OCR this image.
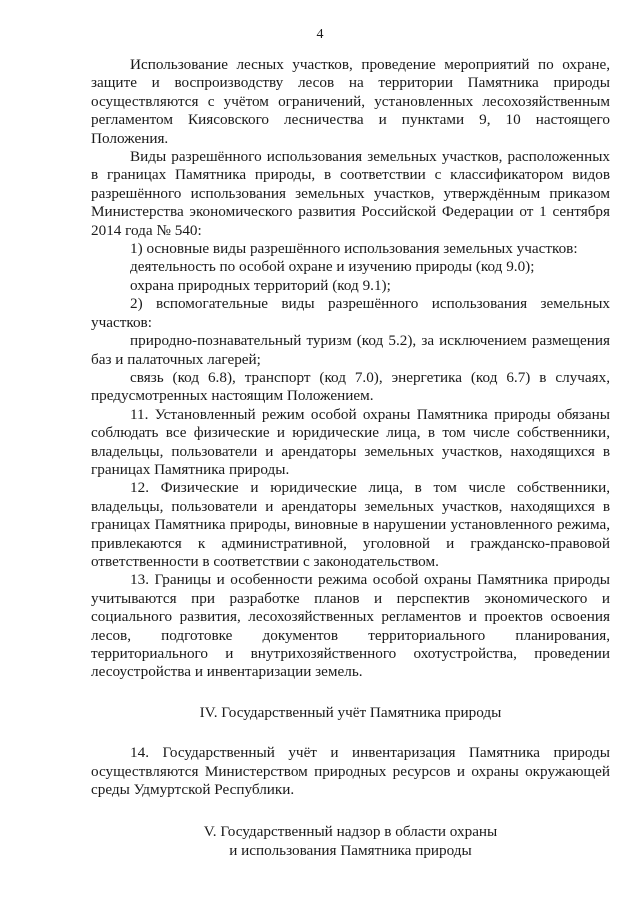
4

Использование лесных участков, проведение мероприятий по охране, защите и воспроизводству лесов на территории Памятника природы осуществляются с учётом ограничений, установленных лесохозяйственным регламентом Киясовского лесничества и пунктами 9, 10 настоящего Положения.

Виды разрешённого использования земельных участков, расположенных в границах Памятника природы, в соответствии с классификатором видов разрешённого использования земельных участков, утверждённым приказом Министерства экономического развития Российской Федерации от 1 сентября 2014 года № 540:

1) основные виды разрешённого использования земельных участков:

деятельность по особой охране и изучению природы (код 9.0);

охрана природных территорий (код 9.1);

2) вспомогательные виды разрешённого использования земельных участков:

природно-познавательный туризм (код 5.2), за исключением размещения баз и палаточных лагерей;

связь (код 6.8), транспорт (код 7.0), энергетика (код 6.7) в случаях, предусмотренных настоящим Положением.

11. Установленный режим особой охраны Памятника природы обязаны соблюдать все физические и юридические лица, в том числе собственники, владельцы, пользователи и арендаторы земельных участков, находящихся в границах Памятника природы.

12. Физические и юридические лица, в том числе собственники, владельцы, пользователи и арендаторы земельных участков, находящихся в границах Памятника природы, виновные в нарушении установленного режима, привлекаются к административной, уголовной и гражданско-правовой ответственности в соответствии с законодательством.

13. Границы и особенности режима особой охраны Памятника природы учитываются при разработке планов и перспектив экономического и социального развития, лесохозяйственных регламентов и проектов освоения лесов, подготовке документов территориального планирования, территориального и внутрихозяйственного охотустройства, проведении лесоустройства и инвентаризации земель.

IV. Государственный учёт Памятника природы

14. Государственный учёт и инвентаризация Памятника природы осуществляются Министерством природных ресурсов и охраны окружающей среды Удмуртской Республики.

V. Государственный надзор в области охраны

и использования Памятника природы
